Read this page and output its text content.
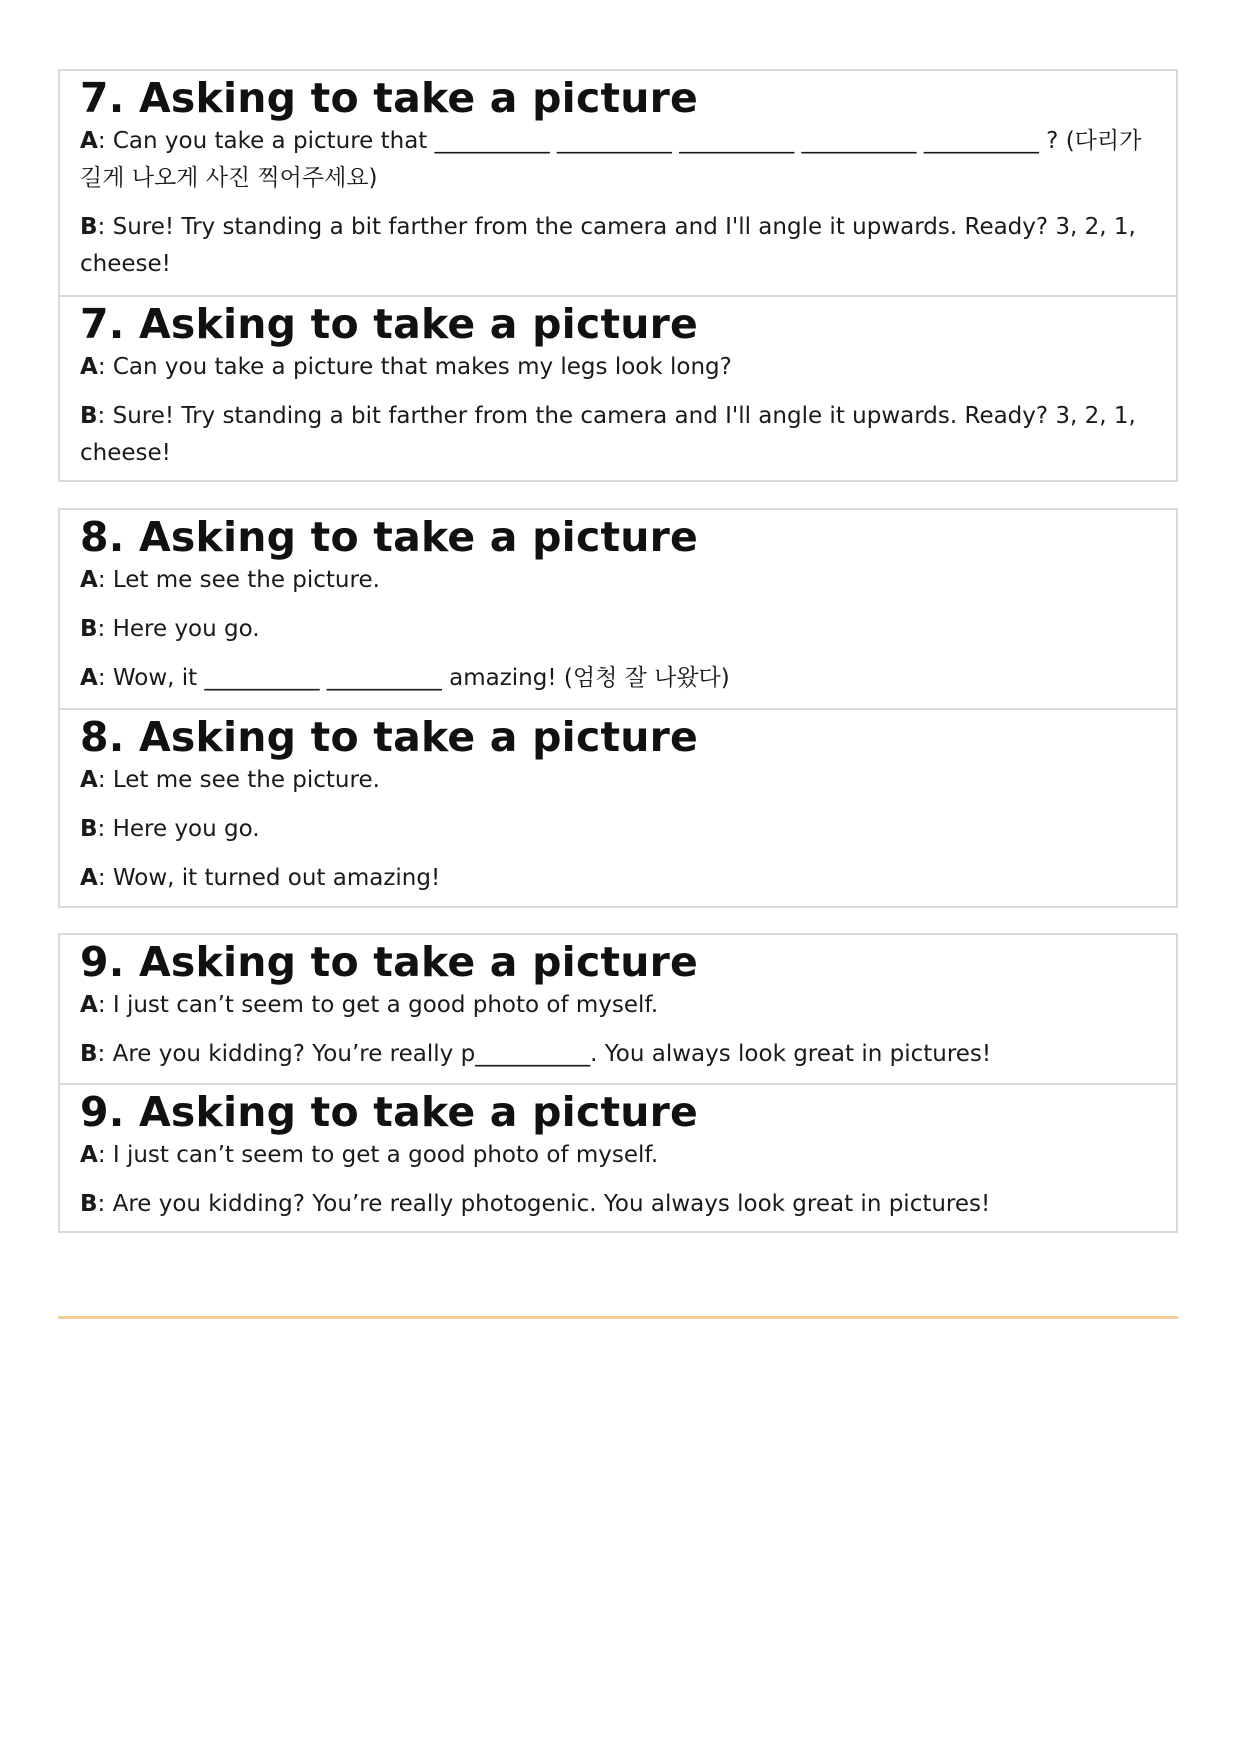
7. Asking to take a picture

A: Can you take a picture that __________ __________ __________ __________ __________ ? (다리가 길게 나오게 사진 찍어주세요)

B: Sure! Try standing a bit farther from the camera and I'll angle it upwards. Ready? 3, 2, 1, cheese!

7. Asking to take a picture

A: Can you take a picture that makes my legs look long?

B: Sure! Try standing a bit farther from the camera and I'll angle it upwards. Ready? 3, 2, 1, cheese!

8. Asking to take a picture

A: Let me see the picture.

B: Here you go.

A: Wow, it __________ __________ amazing! (엄청 잘 나왔다)

8. Asking to take a picture

A: Let me see the picture.

B: Here you go.

A: Wow, it turned out amazing!

9. Asking to take a picture

A: I just can’t seem to get a good photo of myself.

B: Are you kidding? You’re really p__________. You always look great in pictures!

9. Asking to take a picture

A: I just can’t seem to get a good photo of myself.

B: Are you kidding? You’re really photogenic. You always look great in pictures!
